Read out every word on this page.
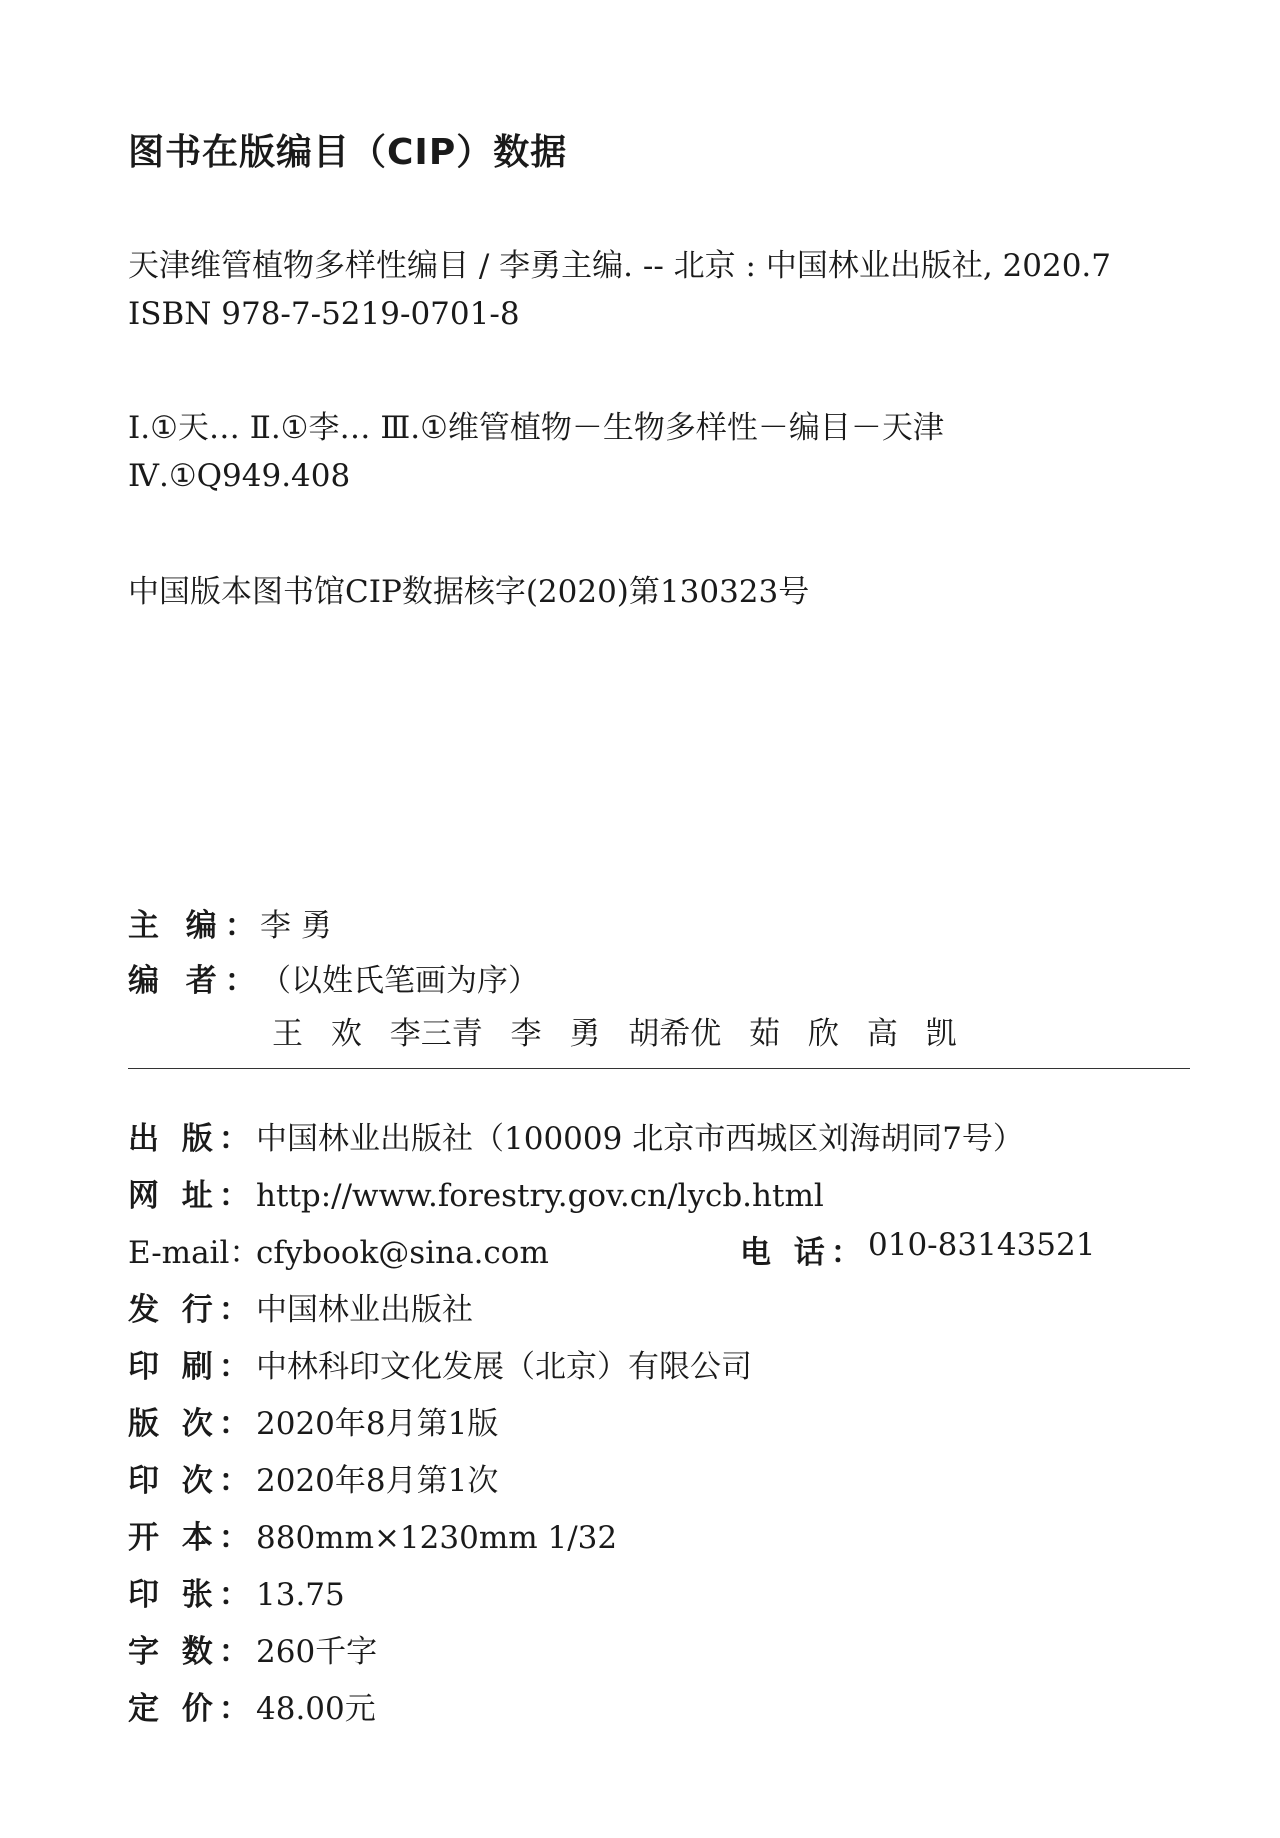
图书在版编目（CIP）数据

天津维管植物多样性编目 / 李勇主编. -- 北京 : 中国林业出版社, 2020.7

ISBN 978-7-5219-0701-8

Ⅰ.①天… Ⅱ.①李… Ⅲ.①维管植物－生物多样性－编目－天津

Ⅳ.①Q949.408

中国版本图书馆CIP数据核字(2020)第130323号

主 编：李 勇
编 者：（以姓氏笔画为序）
王 欢 李三青 李 勇 胡希优 茹 欣 高 凯
出 版：中国林业出版社（100009 北京市西城区刘海胡同7号）
网 址：http://www.forestry.gov.cn/lycb.html
E-mail：cfybook@sina.com	电 话： 010-83143521
发 行：中国林业出版社
印 刷：中林科印文化发展（北京）有限公司
版 次：2020年8月第1版
印 次：2020年8月第1次
开 本：880mm×1230mm 1/32
印 张：13.75
字 数：260千字
定 价：48.00元
